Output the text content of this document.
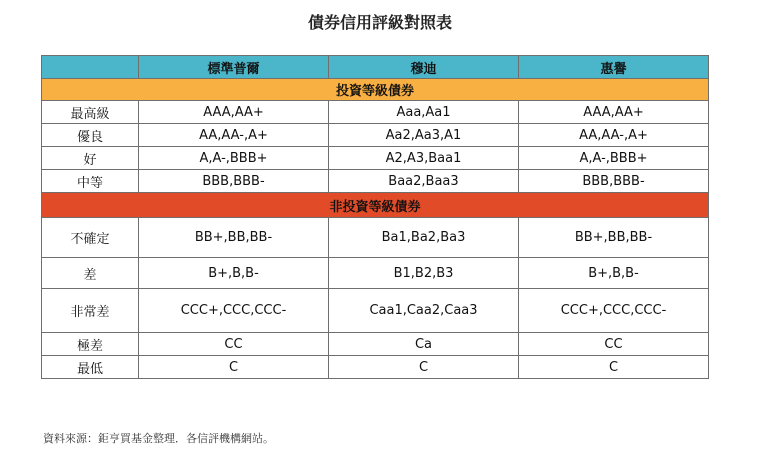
債券信用評級對照表
	標準普爾	穆迪	惠譽
投資等級債券			
最高級	AAA,AA+	Aaa,Aa1	AAA,AA+
優良	AA,AA-,A+	Aa2,Aa3,A1	AA,AA-,A+
好	A,A-,BBB+	A2,A3,Baa1	A,A-,BBB+
中等	BBB,BBB-	Baa2,Baa3	BBB,BBB-
非投資等級債券			
不確定	BB+,BB,BB-	Ba1,Ba2,Ba3	BB+,BB,BB-
差	B+,B,B-	B1,B2,B3	B+,B,B-
非常差	CCC+,CCC,CCC-	Caa1,Caa2,Caa3	CCC+,CCC,CCC-
極差	CC	Ca	CC
最低	C	C	C
資料來源：鉅亨買基金整理．各信評機構網站。
